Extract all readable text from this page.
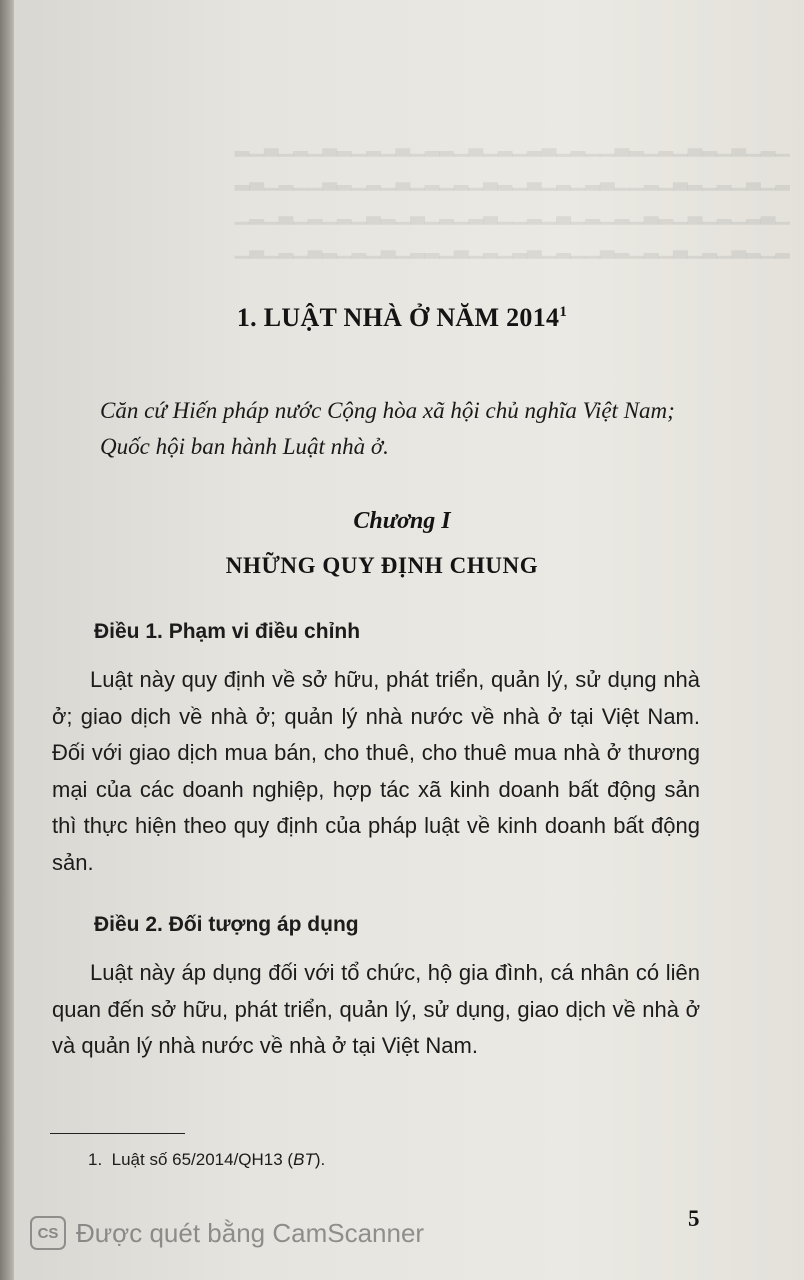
▁▂▁▃▁▂▃▁▂▁▂▃▁▁▂▁▃▂▁▂▁▃▁▂▂▁▃▁▂▁▂▃▁▂▁▃▁▂
▂▁▃▁▂▁▂▃▁▂▁▁▃▂▁▂▁▃▁▂▃▁▂▁▂▁▃▁▂▁▂▃▁▁▂▁▃▂
▁▃▂▁▂▁▃▁▂▃▁▂▁▂▁▃▁▂▁▁▃▂▁▂▁▃▁▂▃▁▂▁▂▁▃▁▂▁
▂▁▂▃▁▂▁▃▁▂▁▂▃▁▁▂▁▃▂▁▂▁▃▁▂▂▁▃▁▂▁▂▃▁▂▁▃▁
1. LUẬT NHÀ Ở NĂM 2014$^1$

Căn cứ Hiến pháp nước Cộng hòa xã hội chủ nghĩa Việt Nam;

Quốc hội ban hành Luật nhà ở.

Chương I
NHỮNG QUY ĐỊNH CHUNG
Điều 1. Phạm vi điều chỉnh

Luật này quy định về sở hữu, phát triển, quản lý, sử dụng nhà ở; giao dịch về nhà ở; quản lý nhà nước về nhà ở tại Việt Nam. Đối với giao dịch mua bán, cho thuê, cho thuê mua nhà ở thương mại của các doanh nghiệp, hợp tác xã kinh doanh bất động sản thì thực hiện theo quy định của pháp luật về kinh doanh bất động sản.

Điều 2. Đối tượng áp dụng

Luật này áp dụng đối với tổ chức, hộ gia đình, cá nhân có liên quan đến sở hữu, phát triển, quản lý, sử dụng, giao dịch về nhà ở và quản lý nhà nước về nhà ở tại Việt Nam.

1. Luật số 65/2014/QH13 (BT).
5
CS Được quét bằng CamScanner
